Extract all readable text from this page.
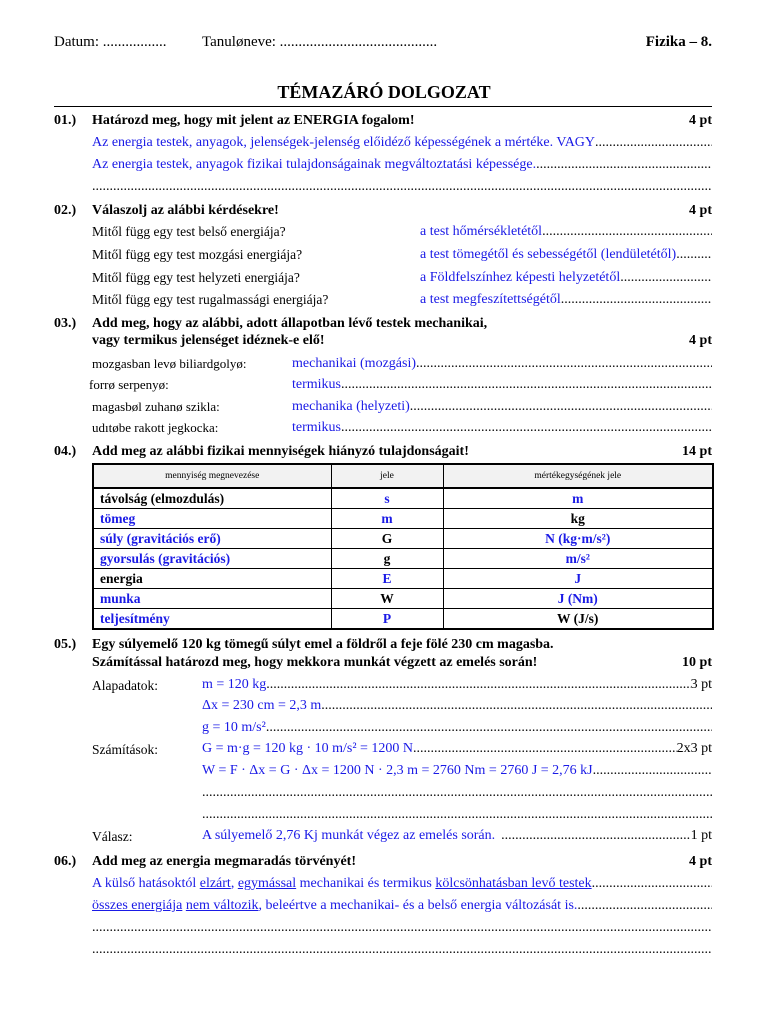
Datum: ................. Tanuløneve: ..........................................	Fizika – 8.
TÉMAZÁRÓ DOLGOZAT
01.) Határozd meg, hogy mit jelent az ENERGIA fogalom!	4 pt
Az energia testek, anyagok, jelenségek-jelenség előidéző képességének a mértéke. VAGY
.....
Az energia testek, anyagok fizikai tulajdonságainak megváltoztatási képessége.
.....
.....
02.) Válaszolj az alábbi kérdésekre!	4 pt
Mitől függ egy test belső energiája?	a test hőmérsékletétől
.....
Mitől függ egy test mozgási energiája?	a test tömegétől és sebességétől (lendületétől)
.....
Mitől függ egy test helyzeti energiája?	a Földfelszínhez képesti helyzetétől
.....
Mitől függ egy test rugalmassági energiája?	a test megfeszítettségétől
.....
03.) Add meg, hogy az alábbi, adott állapotban lévő testek mechanikai,
vagy termikus jelenséget idéznek-e elő!	4 pt
mozgasban levø biliardgolyø:	mechanikai (mozgási)
.....
forrø serpenyø:	termikus
.....
magasbøl zuhanø szikla:	mechanika (helyzeti)
.....
udıtøbe rakott jegkocka:	termikus
.....
04.) Add meg az alábbi fizikai mennyiségek hiányzó tulajdonságait!	14 pt
mennyiség megnevezése	jele	mértékegységének jele
távolság (elmozdulás)	s	m
tömeg	m	kg
súly (gravitációs erő)	G	N (kg·m/s²)
gyorsulás (gravitációs)	g	m/s²
energia	E	J
munka	W	J (Nm)
teljesítmény	P	W (J/s)
05.) Egy súlyemelő 120 kg tömegű súlyt emel a földről a feje fölé 230 cm magasba.
Számítással határozd meg, hogy mekkora munkát végzett az emelés során!	10 pt
Alapadatok:	m = 120 kg .....	3 pt
Δx = 230 cm = 2,3 m
.....
g = 10 m/s²
.....
Számítások:	G = m·g = 120 kg · 10 m/s² = 1200 N .....	2x3 pt
W = F · Δx = G · Δx = 1200 N · 2,3 m = 2760 Nm = 2760 J = 2,76 kJ
.....
.....
.....
Válasz:	A súlyemelő 2,76 Kj munkát végez az emelés során. .....	1 pt
06.) Add meg az energia megmaradás törvényét!	4 pt
A külső hatásoktól elzárt, egymással mechanikai és termikus kölcsönhatásban levő testek
.....
összes energiája nem változik, beleértve a mechanikai- és a belső energia változását is.
.....
.....
.....
